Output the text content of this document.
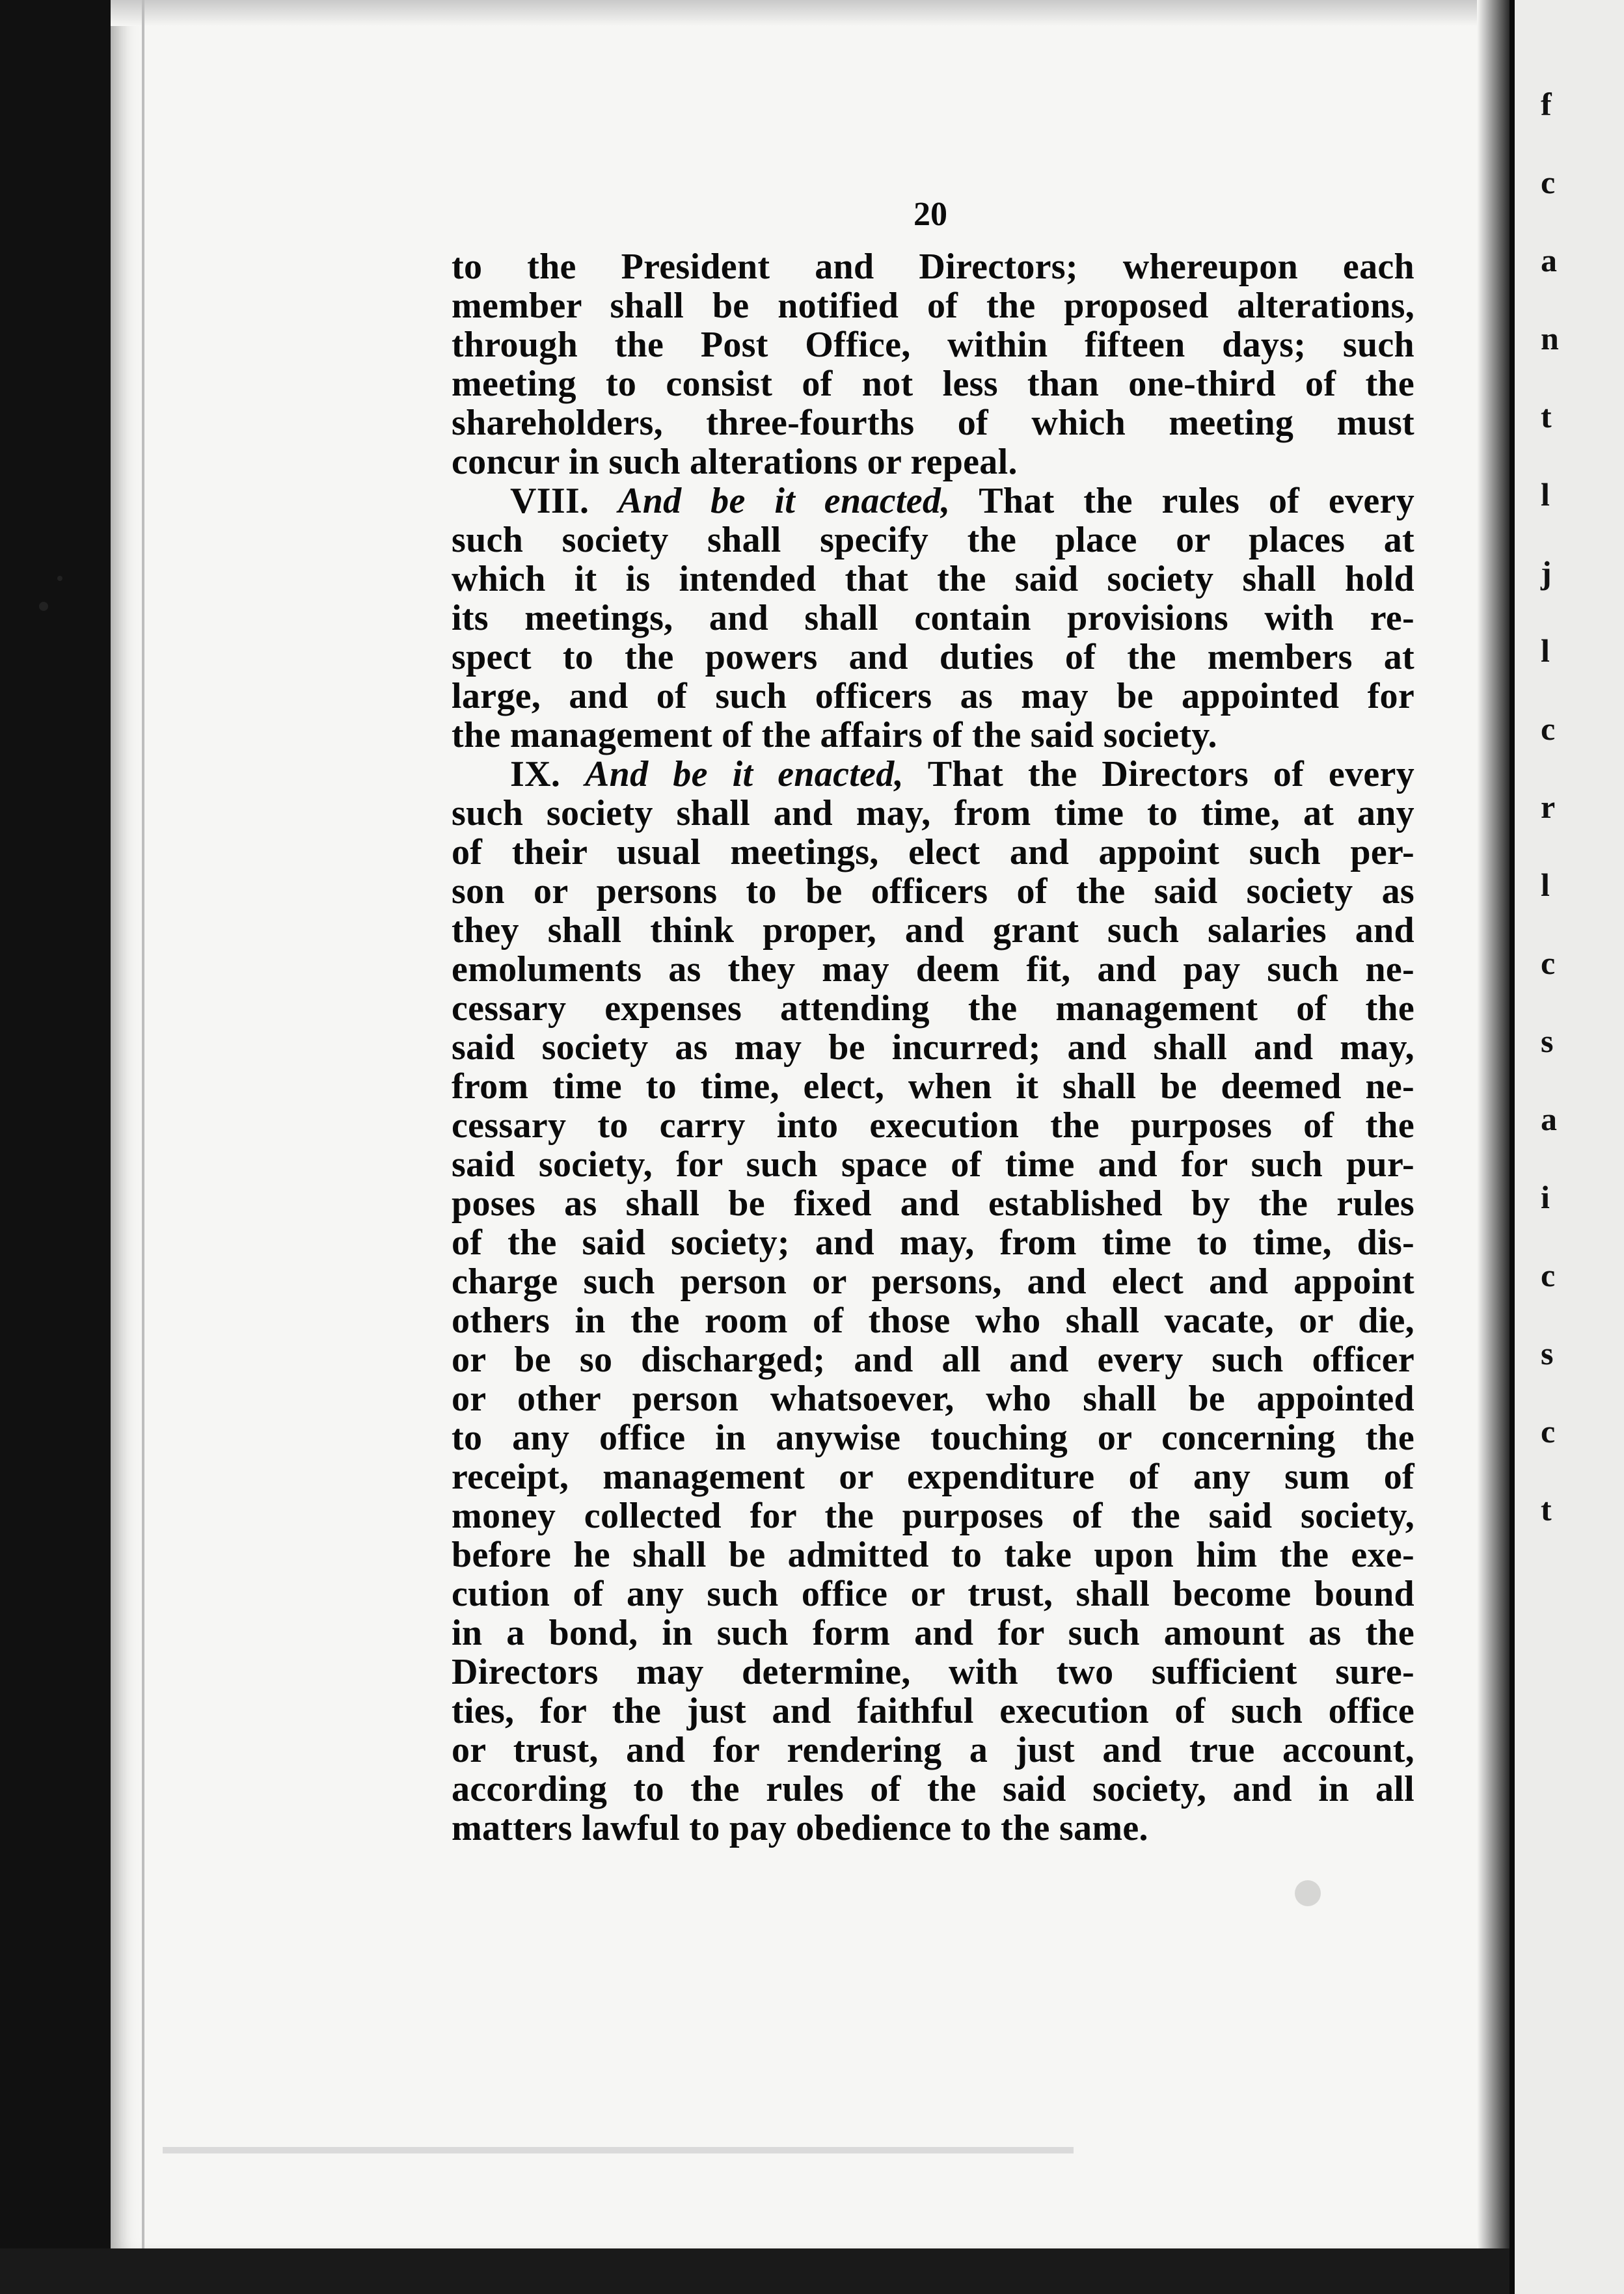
f
c
a
n
t
l
j
l
c
r
l
c
s
a
i
c
s
c
t
20
to the President and Directors; whereupon each
member shall be notified of the proposed alterations,
through the Post Office, within fifteen days; such
meeting to consist of not less than one-third of the
shareholders, three-fourths of which meeting must
concur in such alterations or repeal.
VIII. And be it enacted, That the rules of every
such society shall specify the place or places at
which it is intended that the said society shall hold
its meetings, and shall contain provisions with re-
spect to the powers and duties of the members at
large, and of such officers as may be appointed for
the management of the affairs of the said society.
IX. And be it enacted, That the Directors of every
such society shall and may, from time to time, at any
of their usual meetings, elect and appoint such per-
son or persons to be officers of the said society as
they shall think proper, and grant such salaries and
emoluments as they may deem fit, and pay such ne-
cessary expenses attending the management of the
said society as may be incurred; and shall and may,
from time to time, elect, when it shall be deemed ne-
cessary to carry into execution the purposes of the
said society, for such space of time and for such pur-
poses as shall be fixed and established by the rules
of the said society; and may, from time to time, dis-
charge such person or persons, and elect and appoint
others in the room of those who shall vacate, or die,
or be so discharged; and all and every such officer
or other person whatsoever, who shall be appointed
to any office in anywise touching or concerning the
receipt, management or expenditure of any sum of
money collected for the purposes of the said society,
before he shall be admitted to take upon him the exe-
cution of any such office or trust, shall become bound
in a bond, in such form and for such amount as the
Directors may determine, with two sufficient sure-
ties, for the just and faithful execution of such office
or trust, and for rendering a just and true account,
according to the rules of the said society, and in all
matters lawful to pay obedience to the same.
